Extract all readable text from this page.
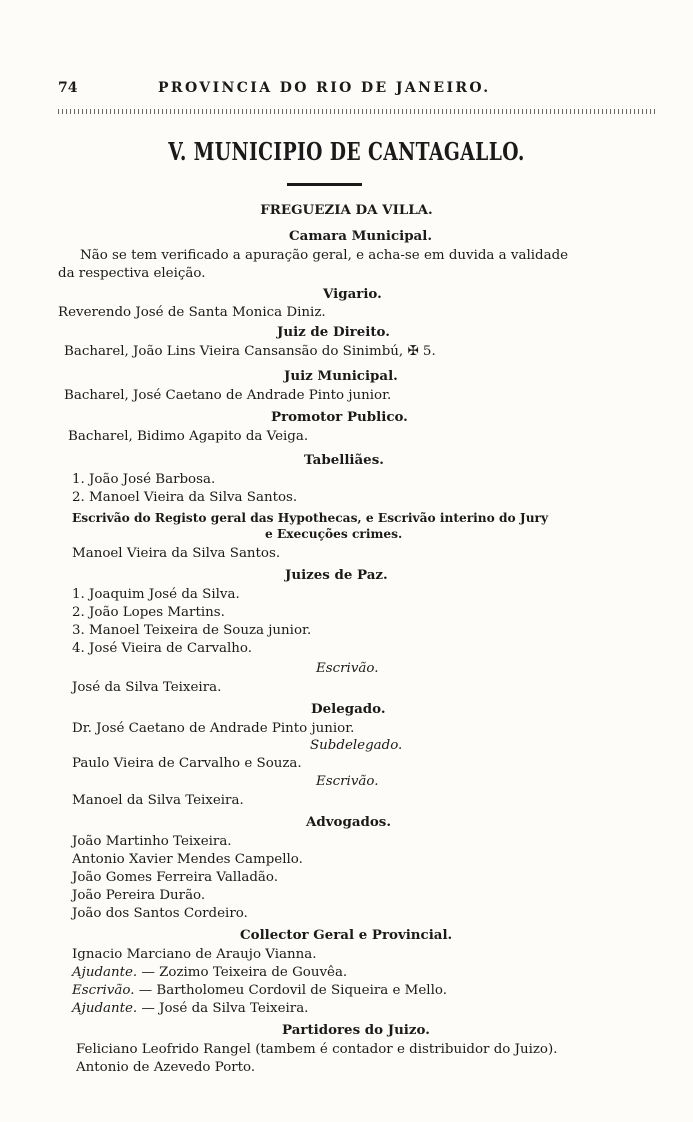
74	PROVINCIA DO RIO DE JANEIRO.
V. MUNICIPIO DE CANTAGALLO.
FREGUEZIA DA VILLA.
Camara Municipal.
Não se tem verificado a apuração geral, e acha-se em duvida a validade
da respectiva eleição.
Vigario.
Reverendo José de Santa Monica Diniz.
Juiz de Direito.
Bacharel, João Lins Vieira Cansansão do Sinimbú, ✠ 5.
Juiz Municipal.
Bacharel, José Caetano de Andrade Pinto junior.
Promotor Publico.
Bacharel, Bidimo Agapito da Veiga.
Tabelliães.
1. João José Barbosa.
2. Manoel Vieira da Silva Santos.
Escrivão do Registo geral das Hypothecas, e Escrivão interino do Jury
e Execuções crimes.
Manoel Vieira da Silva Santos.
Juizes de Paz.
1. Joaquim José da Silva.
2. João Lopes Martins.
3. Manoel Teixeira de Souza junior.
4. José Vieira de Carvalho.
Escrivão.
José da Silva Teixeira.
Delegado.
Dr. José Caetano de Andrade Pinto junior.
Subdelegado.
Paulo Vieira de Carvalho e Souza.
Escrivão.
Manoel da Silva Teixeira.
Advogados.
João Martinho Teixeira.
Antonio Xavier Mendes Campello.
João Gomes Ferreira Valladão.
João Pereira Durão.
João dos Santos Cordeiro.
Collector Geral e Provincial.
Ignacio Marciano de Araujo Vianna.
Ajudante. — Zozimo Teixeira de Gouvêa.
Escrivão. — Bartholomeu Cordovil de Siqueira e Mello.
Ajudante. — José da Silva Teixeira.
Partidores do Juizo.
Feliciano Leofrido Rangel (tambem é contador e distribuidor do Juizo).
Antonio de Azevedo Porto.
